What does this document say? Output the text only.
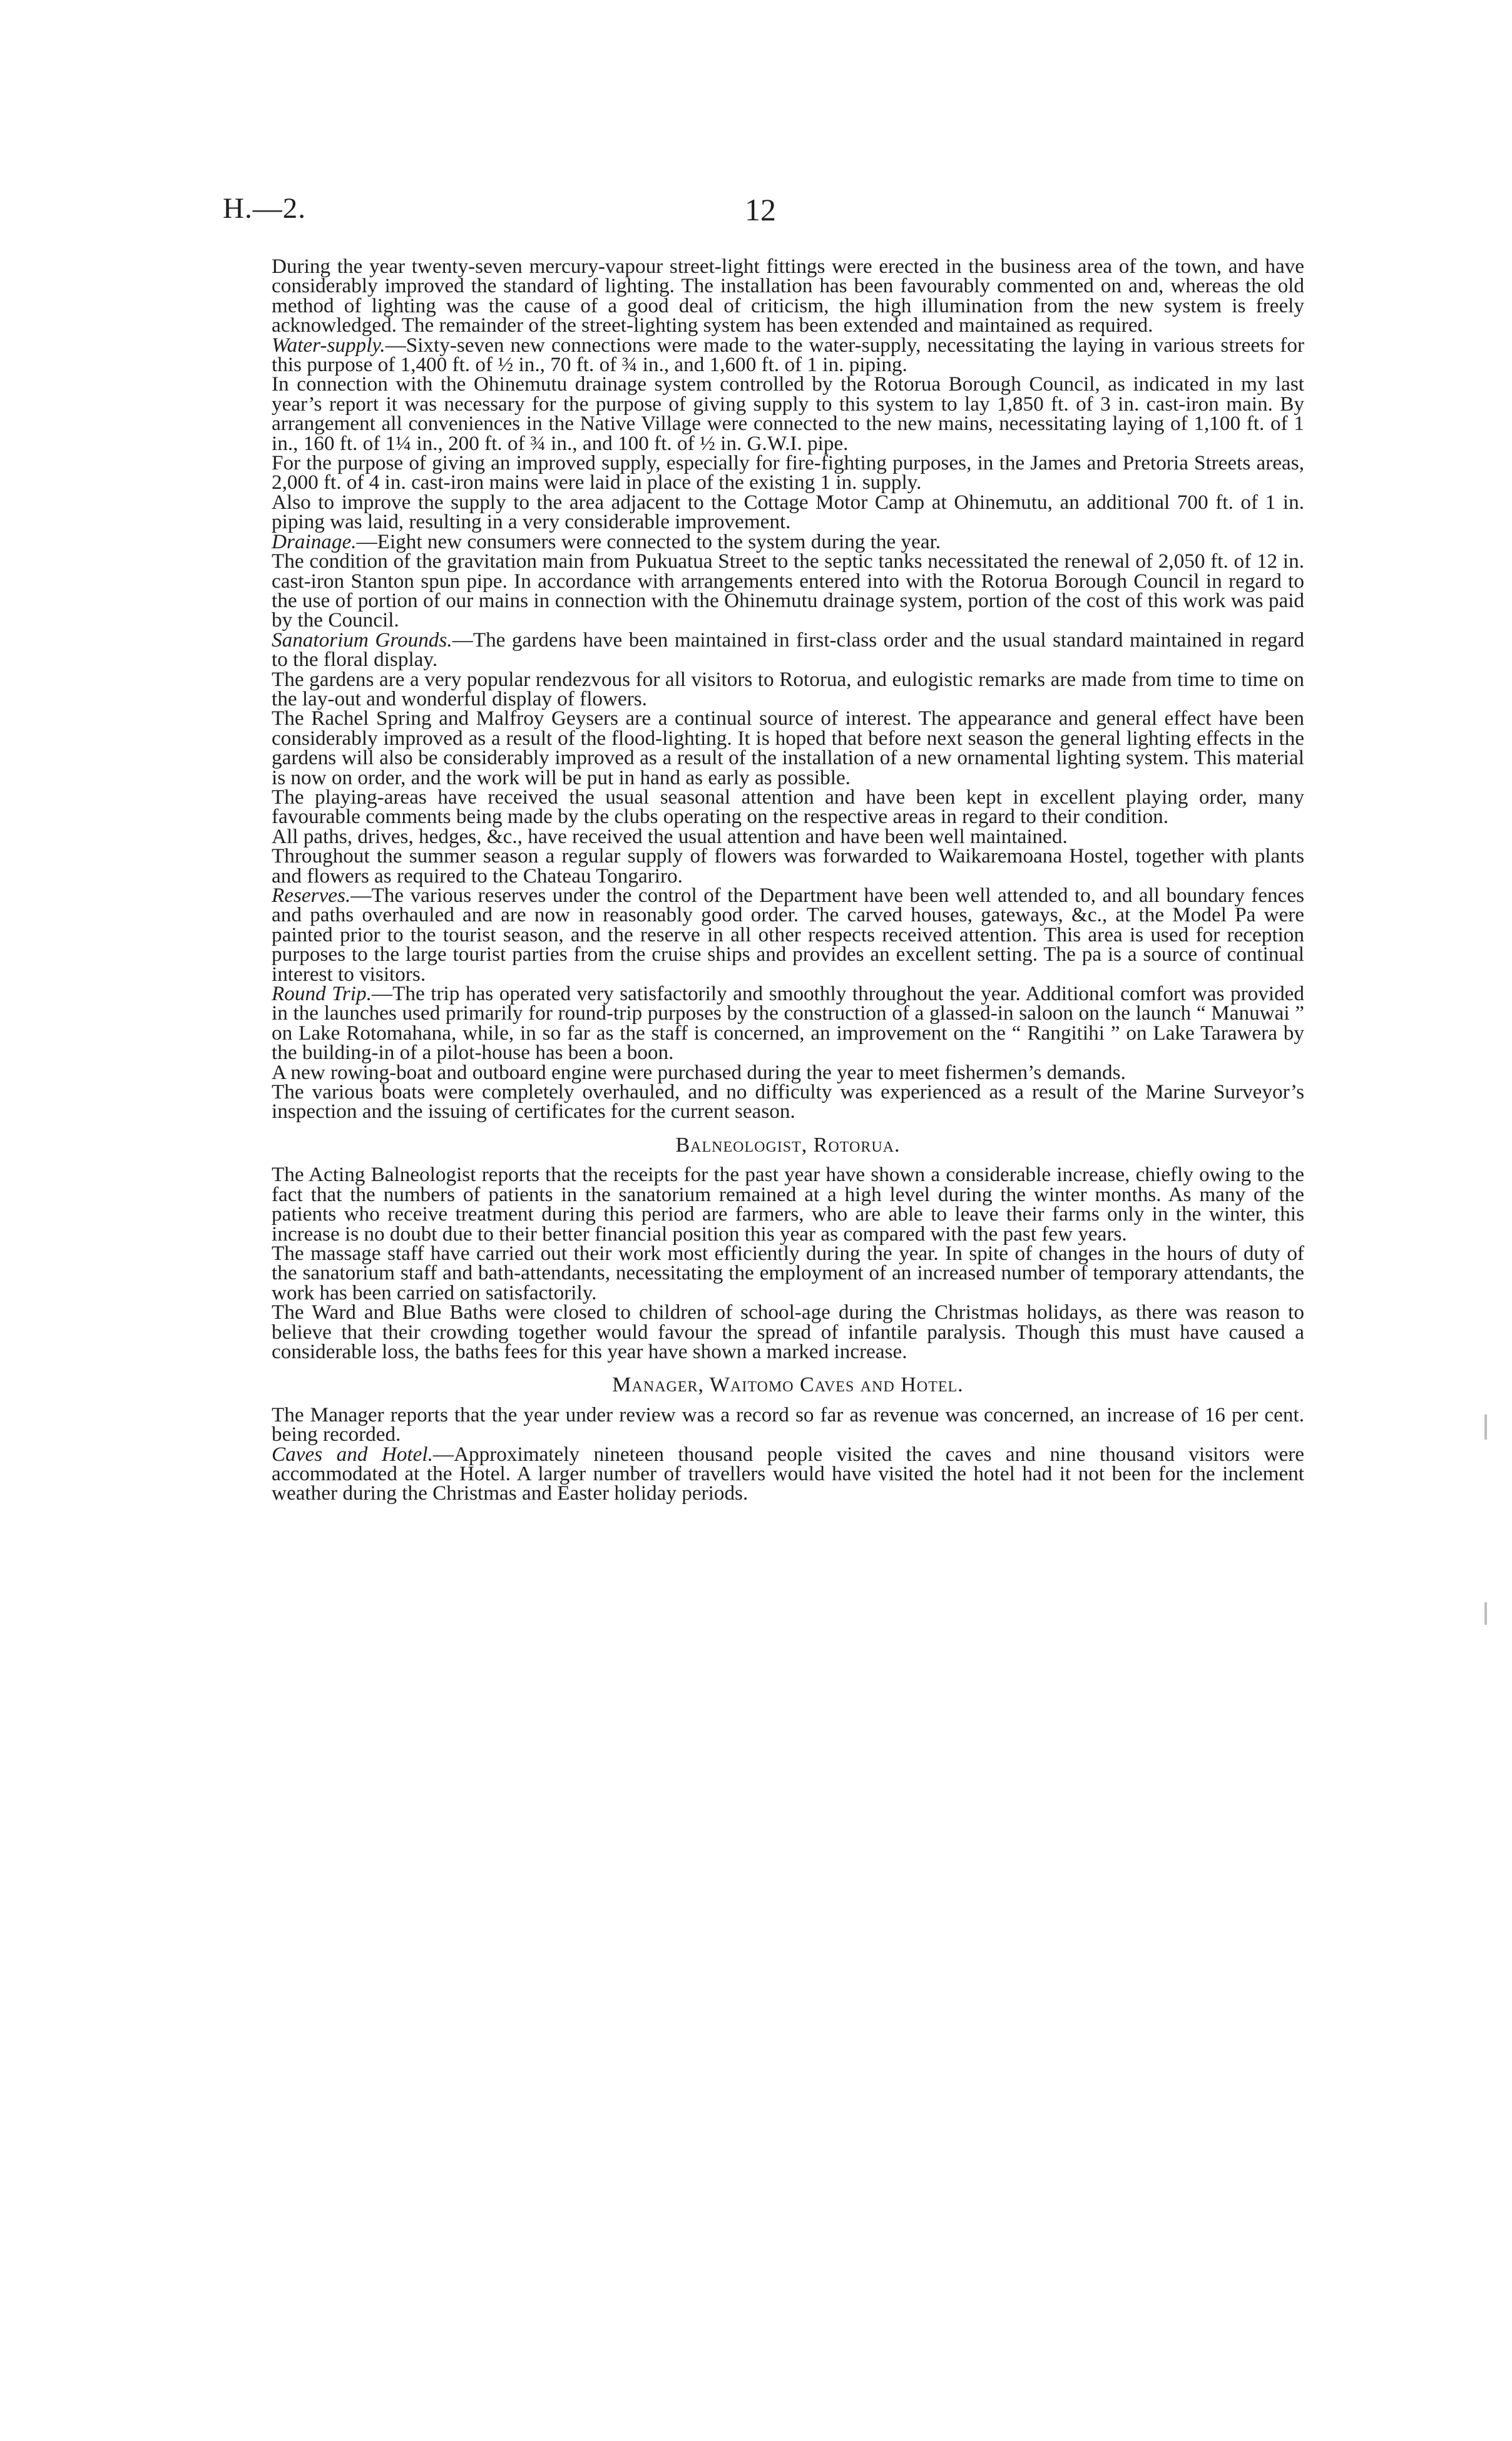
H.—2.	12

During the year twenty-seven mercury-vapour street-light fittings were erected in the business area of the town, and have considerably improved the standard of lighting. The installation has been favourably commented on and, whereas the old method of lighting was the cause of a good deal of criticism, the high illumination from the new system is freely acknowledged. The remainder of the street-lighting system has been extended and maintained as required.

Water-supply.—Sixty-seven new connections were made to the water-supply, necessitating the laying in various streets for this purpose of 1,400 ft. of ½ in., 70 ft. of ¾ in., and 1,600 ft. of 1 in. piping.

In connection with the Ohinemutu drainage system controlled by the Rotorua Borough Council, as indicated in my last year’s report it was necessary for the purpose of giving supply to this system to lay 1,850 ft. of 3 in. cast-iron main. By arrangement all conveniences in the Native Village were connected to the new mains, necessitating laying of 1,100 ft. of 1 in., 160 ft. of 1¼ in., 200 ft. of ¾ in., and 100 ft. of ½ in. G.W.I. pipe.

For the purpose of giving an improved supply, especially for fire-fighting purposes, in the James and Pretoria Streets areas, 2,000 ft. of 4 in. cast-iron mains were laid in place of the existing 1 in. supply.

Also to improve the supply to the area adjacent to the Cottage Motor Camp at Ohinemutu, an additional 700 ft. of 1 in. piping was laid, resulting in a very considerable improvement.

Drainage.—Eight new consumers were connected to the system during the year.

The condition of the gravitation main from Pukuatua Street to the septic tanks necessitated the renewal of 2,050 ft. of 12 in. cast-iron Stanton spun pipe. In accordance with arrangements entered into with the Rotorua Borough Council in regard to the use of portion of our mains in connection with the Ohinemutu drainage system, portion of the cost of this work was paid by the Council.

Sanatorium Grounds.—The gardens have been maintained in first-class order and the usual standard maintained in regard to the floral display.

The gardens are a very popular rendezvous for all visitors to Rotorua, and eulogistic remarks are made from time to time on the lay-out and wonderful display of flowers.

The Rachel Spring and Malfroy Geysers are a continual source of interest. The appearance and general effect have been considerably improved as a result of the flood-lighting. It is hoped that before next season the general lighting effects in the gardens will also be considerably improved as a result of the installation of a new ornamental lighting system. This material is now on order, and the work will be put in hand as early as possible.

The playing-areas have received the usual seasonal attention and have been kept in excellent playing order, many favourable comments being made by the clubs operating on the respective areas in regard to their condition.

All paths, drives, hedges, &c., have received the usual attention and have been well maintained.

Throughout the summer season a regular supply of flowers was forwarded to Waikaremoana Hostel, together with plants and flowers as required to the Chateau Tongariro.

Reserves.—The various reserves under the control of the Department have been well attended to, and all boundary fences and paths overhauled and are now in reasonably good order. The carved houses, gateways, &c., at the Model Pa were painted prior to the tourist season, and the reserve in all other respects received attention. This area is used for reception purposes to the large tourist parties from the cruise ships and provides an excellent setting. The pa is a source of continual interest to visitors.

Round Trip.—The trip has operated very satisfactorily and smoothly throughout the year. Additional comfort was provided in the launches used primarily for round-trip purposes by the construction of a glassed-in saloon on the launch “ Manuwai ” on Lake Rotomahana, while, in so far as the staff is concerned, an improvement on the “ Rangitihi ” on Lake Tarawera by the building-in of a pilot-house has been a boon.

A new rowing-boat and outboard engine were purchased during the year to meet fishermen’s demands.

The various boats were completely overhauled, and no difficulty was experienced as a result of the Marine Surveyor’s inspection and the issuing of certificates for the current season.

Balneologist, Rotorua.

The Acting Balneologist reports that the receipts for the past year have shown a considerable increase, chiefly owing to the fact that the numbers of patients in the sanatorium remained at a high level during the winter months. As many of the patients who receive treatment during this period are farmers, who are able to leave their farms only in the winter, this increase is no doubt due to their better financial position this year as compared with the past few years.

The massage staff have carried out their work most efficiently during the year. In spite of changes in the hours of duty of the sanatorium staff and bath-attendants, necessitating the employment of an increased number of temporary attendants, the work has been carried on satisfactorily.

The Ward and Blue Baths were closed to children of school-age during the Christmas holidays, as there was reason to believe that their crowding together would favour the spread of infantile paralysis. Though this must have caused a considerable loss, the baths fees for this year have shown a marked increase.

Manager, Waitomo Caves and Hotel.

The Manager reports that the year under review was a record so far as revenue was concerned, an increase of 16 per cent. being recorded.

Caves and Hotel.—Approximately nineteen thousand people visited the caves and nine thousand visitors were accommodated at the Hotel. A larger number of travellers would have visited the hotel had it not been for the inclement weather during the Christmas and Easter holiday periods.
